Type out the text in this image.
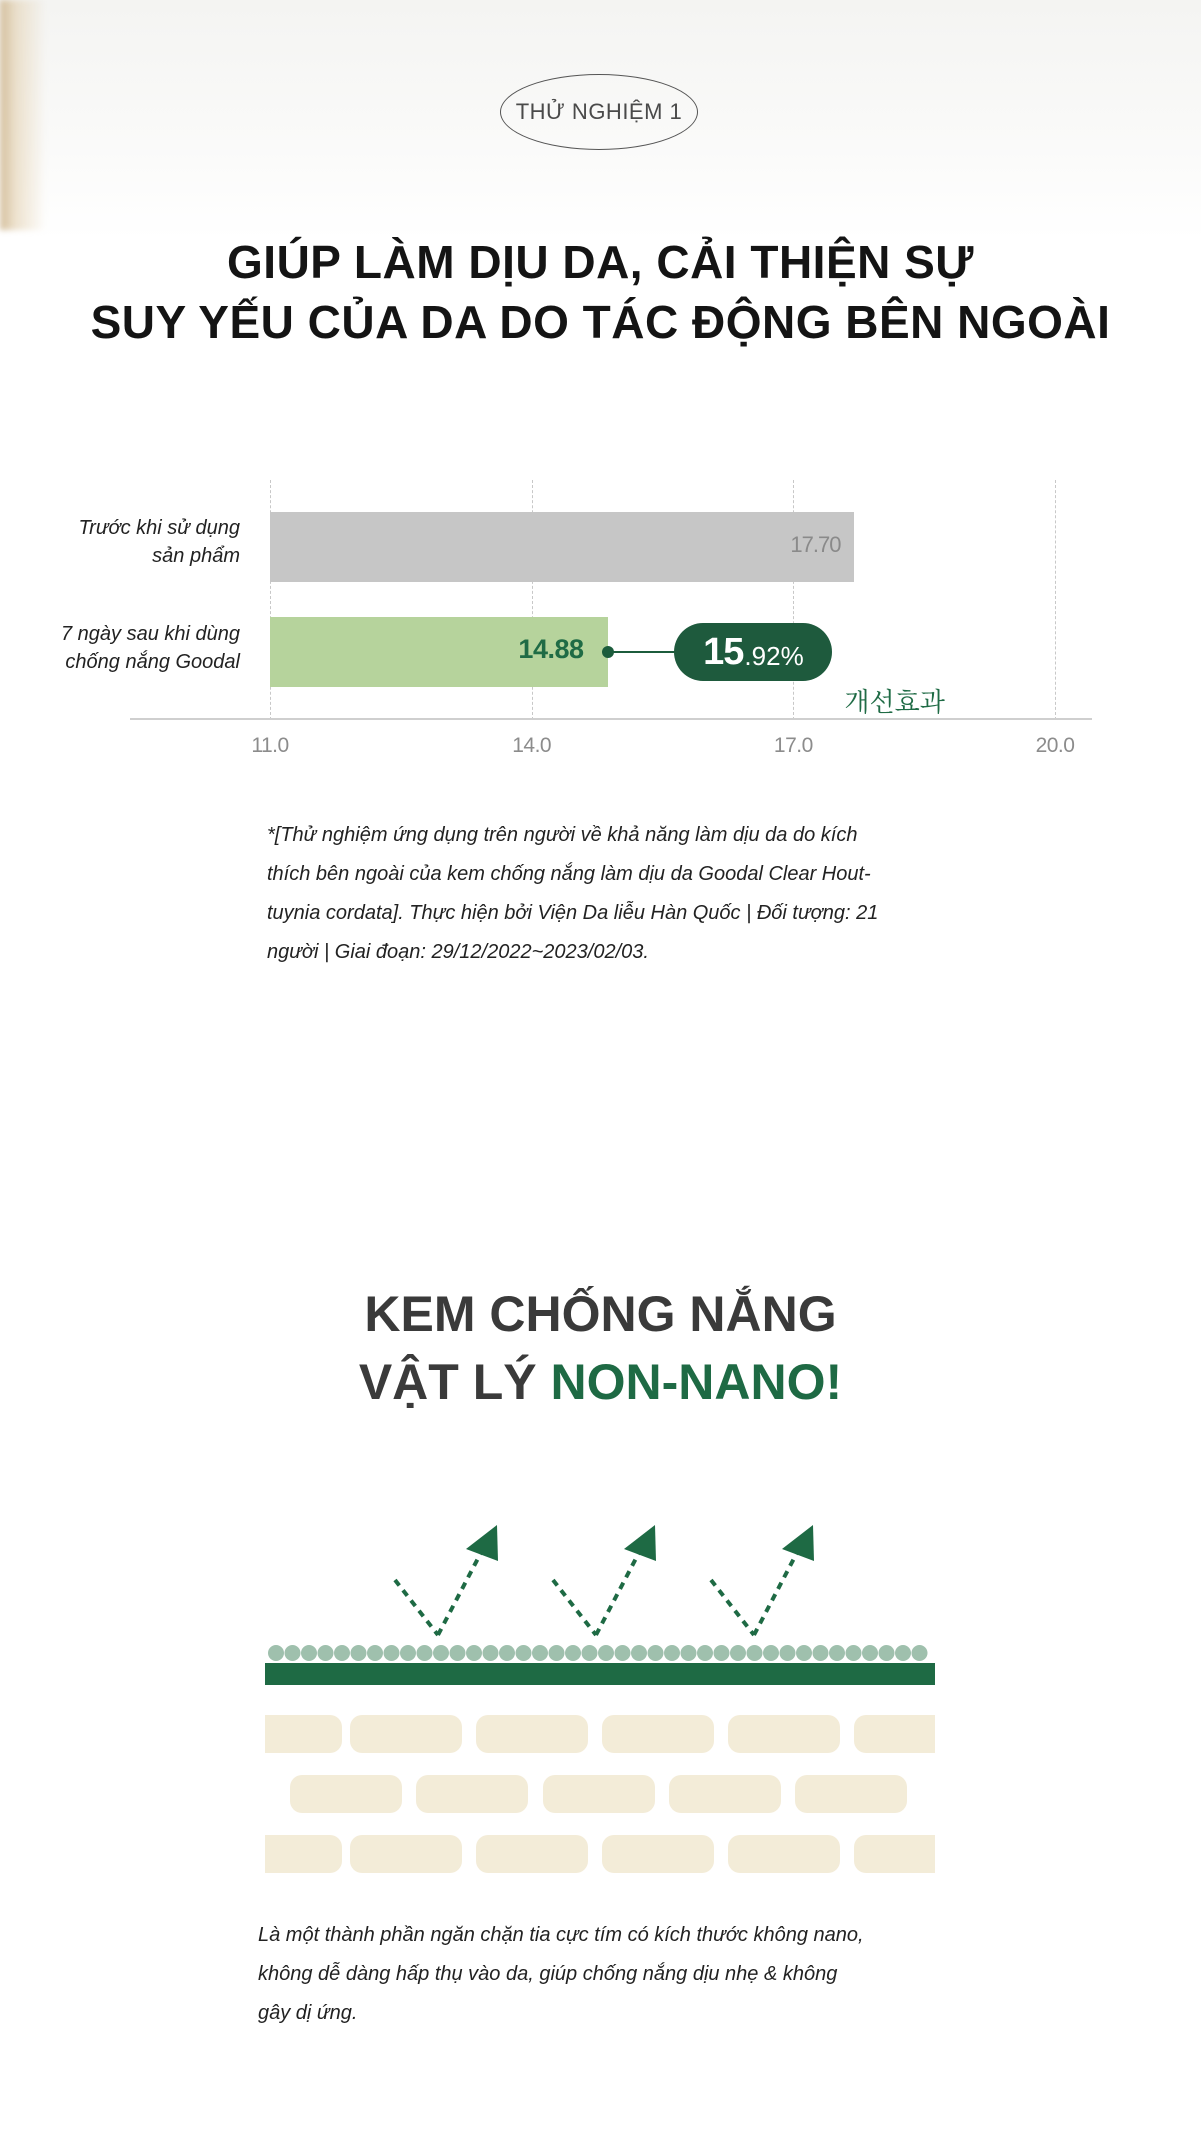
THỬ NGHIỆM 1
GIÚP LÀM DỊU DA, CẢI THIỆN SỰ
SUY YẾU CỦA DA DO TÁC ĐỘNG BÊN NGOÀI
Trước khi sử dụng
sản phẩm
7 ngày sau khi dùng
chống nắng Goodal
17.70
14.88	15 .92%
개선효과
11.0	14.0	17.0	20.0
*[Thử nghiệm ứng dụng trên người về khả năng làm dịu da do kích
thích bên ngoài của kem chống nắng làm dịu da Goodal Clear Hout-
tuynia cordata]. Thực hiện bởi Viện Da liễu Hàn Quốc | Đối tượng: 21
người | Giai đoạn: 29/12/2022~2023/02/03.
KEM CHỐNG NẮNG
VẬT LÝ NON-NANO!
Là một thành phần ngăn chặn tia cực tím có kích thước không nano,
không dễ dàng hấp thụ vào da, giúp chống nắng dịu nhẹ & không
gây dị ứng.
